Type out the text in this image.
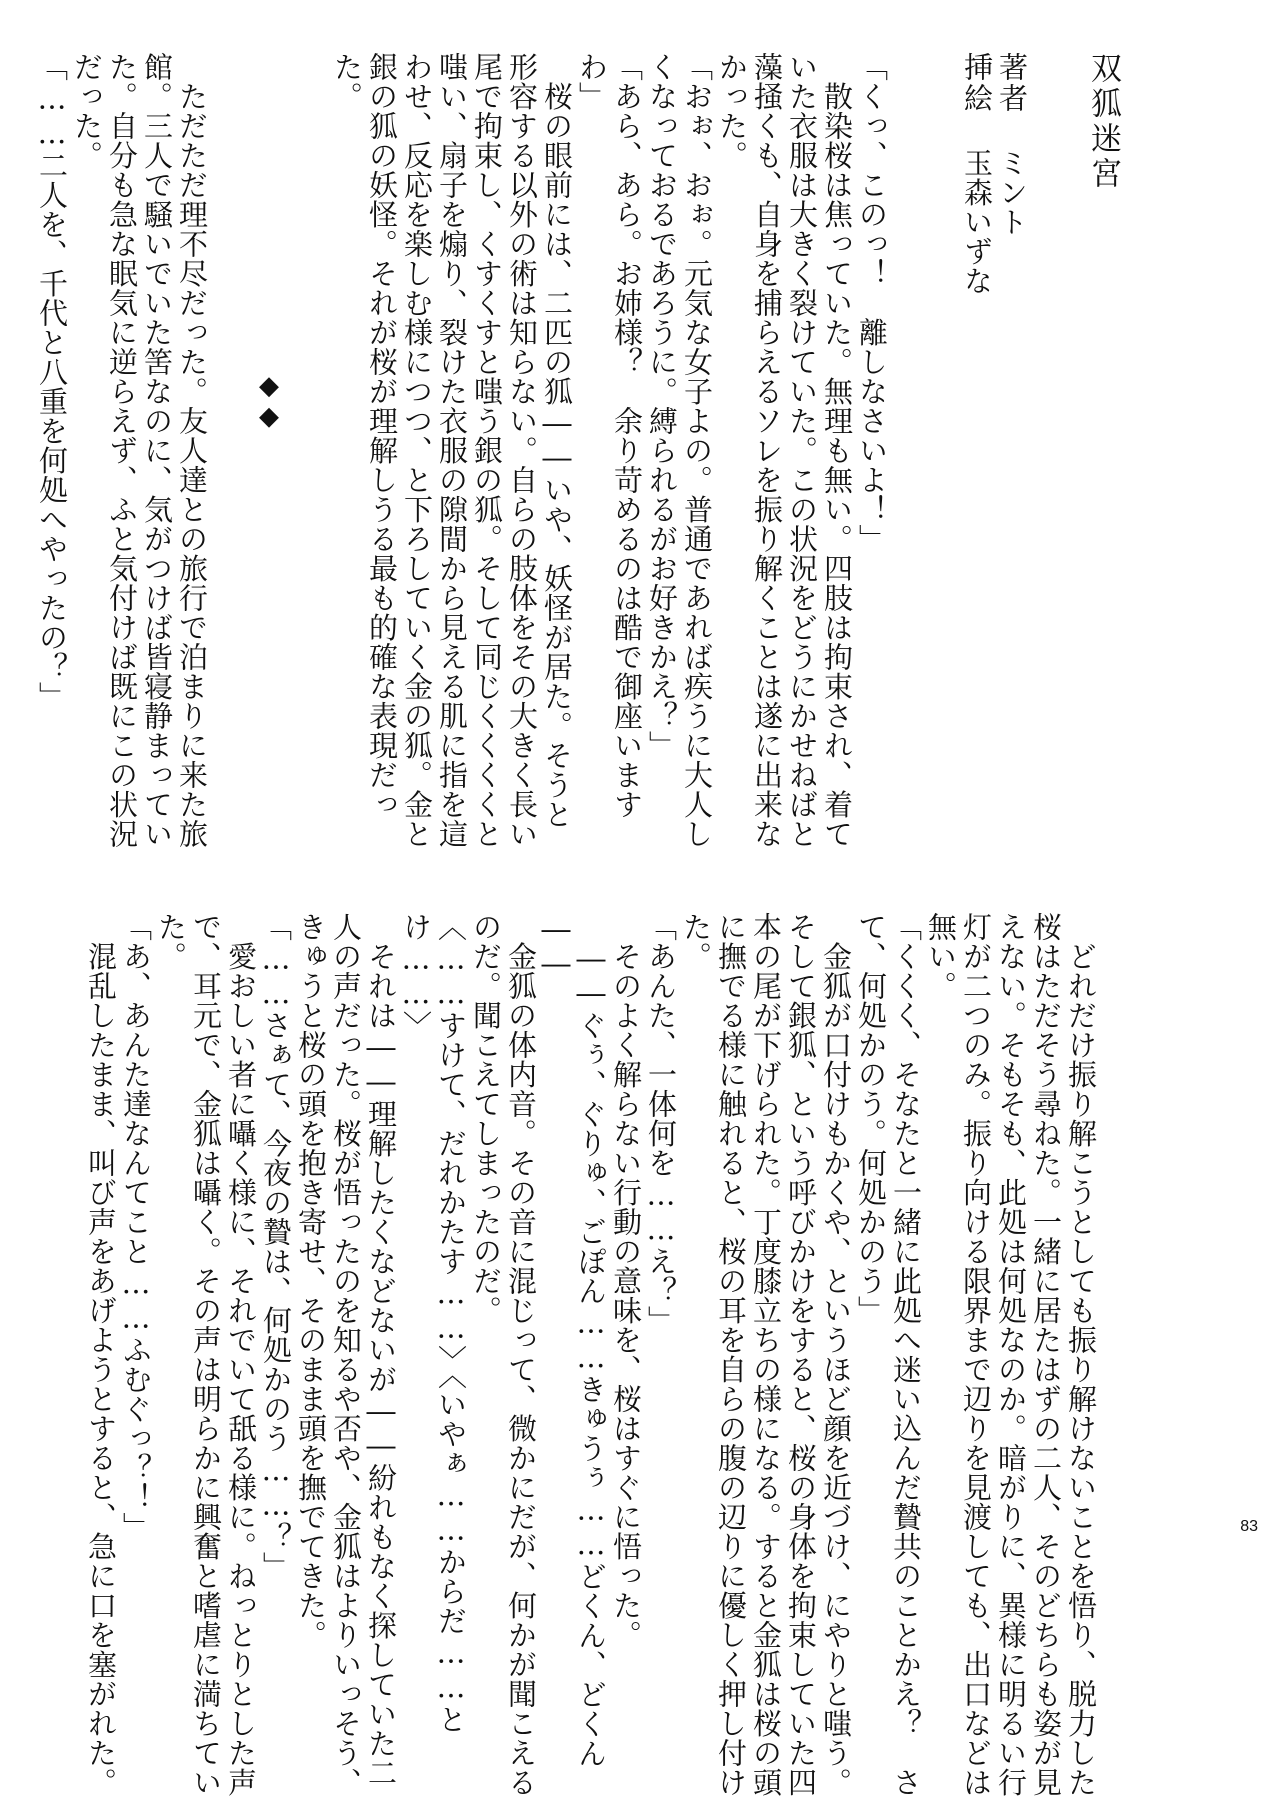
双狐迷宮
著者ミント
挿絵玉森いずな
「くっ、このっ！　離しなさいよ！」
　散染桜は焦っていた。無理も無い。四肢は拘束され、着ていた衣服は大きく裂けていた。この状況をどうにかせねばと藻掻くも、自身を捕らえるソレを振り解くことは遂に出来なかった。
「おぉ、おぉ。元気な女子よの。普通であれば疾うに大人しくなっておるであろうに。縛られるがお好きかえ？」
「あら、あら。お姉様？　余り苛めるのは酷で御座いますわ」
　桜の眼前には、二匹の狐――いや、妖怪が居た。そうと形容する以外の術は知らない。自らの肢体をその大きく長い尾で拘束し、くすくすと嗤う銀の狐。そして同じくくくくと嗤い、扇子を煽り、裂けた衣服の隙間から見える肌に指を這わせ、反応を楽しむ様につつ、と下ろしていく金の狐。金と銀の狐の妖怪。それが桜が理解しうる最も的確な表現だった。
◆◆
　ただただ理不尽だった。友人達との旅行で泊まりに来た旅館。三人で騒いでいた筈なのに、気がつけば皆寝静まっていた。自分も急な眠気に逆らえず、ふと気付けば既にこの状況だった。
「……二人を、千代と八重を何処へやったの？」
　どれだけ振り解こうとしても振り解けないことを悟り、脱力した桜はただそう尋ねた。一緒に居たはずの二人、そのどちらも姿が見えない。そもそも、此処は何処なのか。暗がりに、異様に明るい行灯が二つのみ。振り向ける限界まで辺りを見渡しても、出口などは無い。
「くくく、そなたと一緒に此処へ迷い込んだ贄共のことかえ？　さて、何処かのう。何処かのう」
　金狐が口付けもかくや、というほど顔を近づけ、にやりと嗤う。そして銀狐、という呼びかけをすると、桜の身体を拘束していた四本の尾が下げられた。丁度膝立ちの様になる。すると金狐は桜の頭に撫でる様に触れると、桜の耳を自らの腹の辺りに優しく押し付けた。
「あんた、一体何を……え？」
　そのよく解らない行動の意味を、桜はすぐに悟った。
　――ぐぅ、ぐりゅ、ごぽん……きゅうぅ……どくん、どくん――
　金狐の体内音。その音に混じって、微かにだが、何かが聞こえるのだ。聞こえてしまったのだ。
〈……すけて、だれかたす……〉〈いやぁ……からだ……とけ……〉
　それは――理解したくなどないが――紛れもなく探していた二人の声だった。桜が悟ったのを知るや否や、金狐はよりいっそう、きゅうと桜の頭を抱き寄せ、そのまま頭を撫でてきた。
「……さぁて、今夜の贄は、何処かのう……？」
　愛おしい者に囁く様に、それでいて舐る様に。ねっとりとした声で、耳元で、金狐は囁く。その声は明らかに興奮と嗜虐に満ちていた。
「あ、あんた達なんてこと……ふむぐっ？！」
　混乱したまま、叫び声をあげようとすると、急に口を塞がれた。	83
